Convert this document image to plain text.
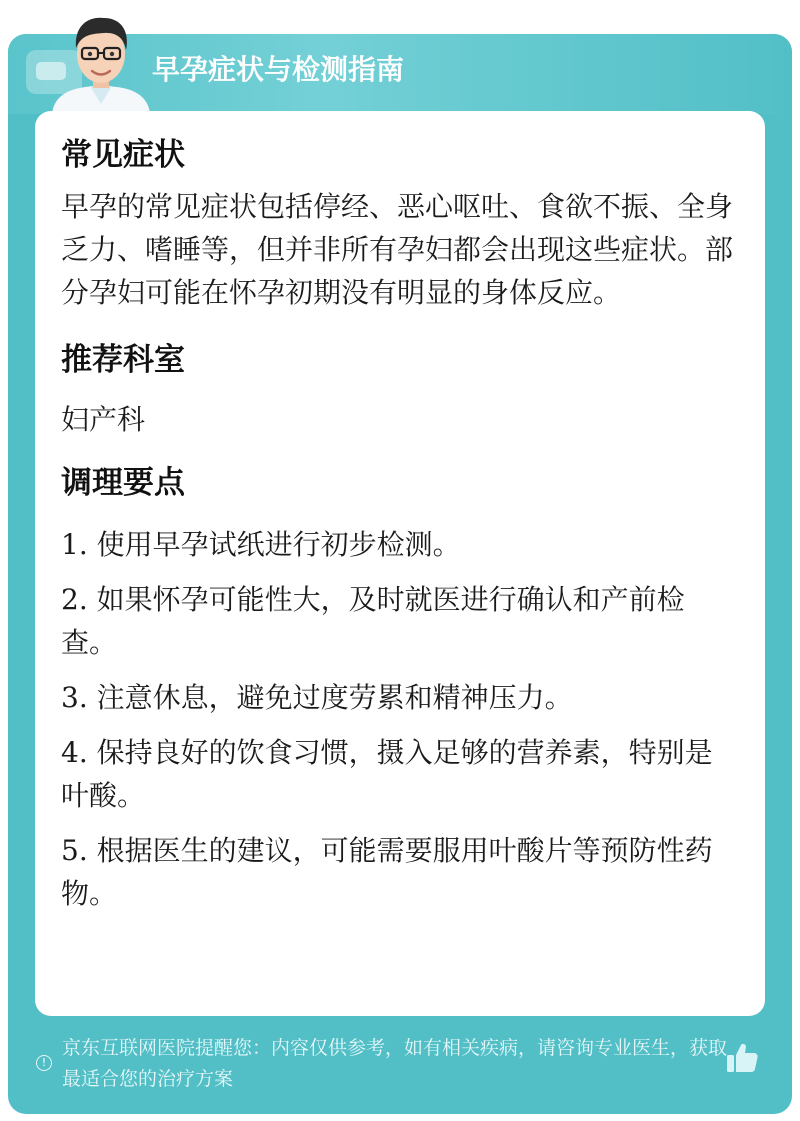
早孕症状与检测指南
常见症状

早孕的常见症状包括停经、恶心呕吐、食欲不振、全身乏力、嗜睡等，但并非所有孕妇都会出现这些症状。部分孕妇可能在怀孕初期没有明显的身体反应。

推荐科室

妇产科

调理要点
1. 使用早孕试纸进行初步检测。
2. 如果怀孕可能性大，及时就医进行确认和产前检查。
3. 注意休息，避免过度劳累和精神压力。
4. 保持良好的饮食习惯，摄入足够的营养素，特别是叶酸。
5. 根据医生的建议，可能需要服用叶酸片等预防性药物。
!
京东互联网医院提醒您：内容仅供参考，如有相关疾病，请咨询专业医生，获取最适合您的治疗方案
